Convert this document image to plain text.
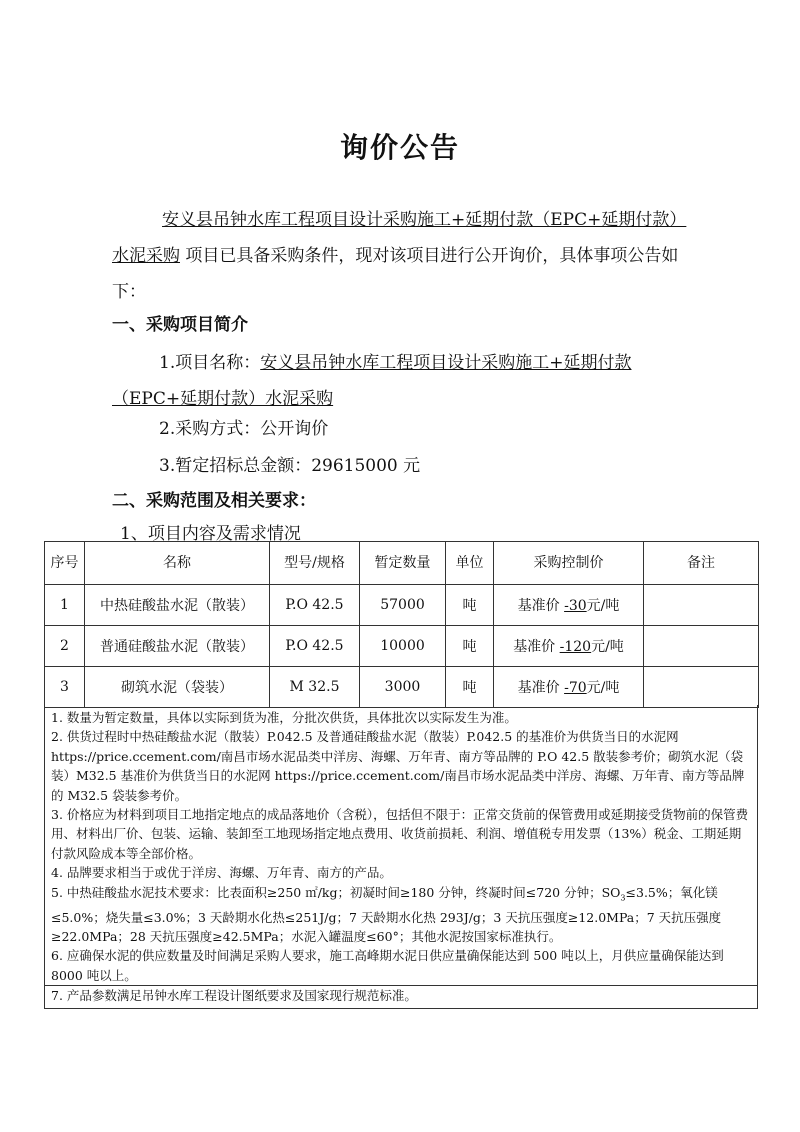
询价公告

安义县吊钟水库工程项目设计采购施工+延期付款（EPC+延期付款）水泥采购 项目已具备采购条件，现对该项目进行公开询价，具体事项公告如下：

一、采购项目简介

1.项目名称：安义县吊钟水库工程项目设计采购施工+延期付款（EPC+延期付款）水泥采购

2.采购方式：公开询价
3.暂定招标总金额：29615000 元
二、采购范围及相关要求：
1、项目内容及需求情况
序号	名称	型号/规格	暂定数量	单位	采购控制价	备注
1	中热硅酸盐水泥（散装）	P.O 42.5	57000	吨	基准价 -30元/吨	
2	普通硅酸盐水泥（散装）	P.O 42.5	10000	吨	基准价 -120元/吨	
3	砌筑水泥（袋装）	M 32.5	3000	吨	基准价 -70元/吨	

1. 数量为暂定数量，具体以实际到货为准，分批次供货，具体批次以实际发生为准。

2. 供货过程时中热硅酸盐水泥（散装）P.042.5 及普通硅酸盐水泥（散装）P.042.5 的基准价为供货当日的水泥网 https://price.ccement.com/南昌市场水泥品类中洋房、海螺、万年青、南方等品牌的 P.O 42.5 散装参考价；砌筑水泥（袋装）M32.5 基准价为供货当日的水泥网 https://price.ccement.com/南昌市场水泥品类中洋房、海螺、万年青、南方等品牌的 M32.5 袋装参考价。

3. 价格应为材料到项目工地指定地点的成品落地价（含税），包括但不限于：正常交货前的保管费用或延期接受货物前的保管费用、材料出厂价、包装、运输、装卸至工地现场指定地点费用、收货前损耗、利润、增值税专用发票（13%）税金、工期延期付款风险成本等全部价格。

4. 品牌要求相当于或优于洋房、海螺、万年青、南方的产品。

5. 中热硅酸盐水泥技术要求：比表面积≥250 ㎡/kg；初凝时间≥180 分钟，终凝时间≤720 分钟；$SO_3\le 3.5\%$；氧化镁≤5.0%；烧失量≤3.0%；3 天龄期水化热≤251J/g；7 天龄期水化热 293J/g；3 天抗压强度≥12.0MPa；7 天抗压强度≥22.0MPa；28 天抗压强度≥42.5MPa；水泥入罐温度≤60°；其他水泥按国家标准执行。

6. 应确保水泥的供应数量及时间满足采购人要求，施工高峰期水泥日供应量确保能达到 500 吨以上，月供应量确保能达到 8000 吨以上。

7. 产品参数满足吊钟水库工程设计图纸要求及国家现行规范标准。
